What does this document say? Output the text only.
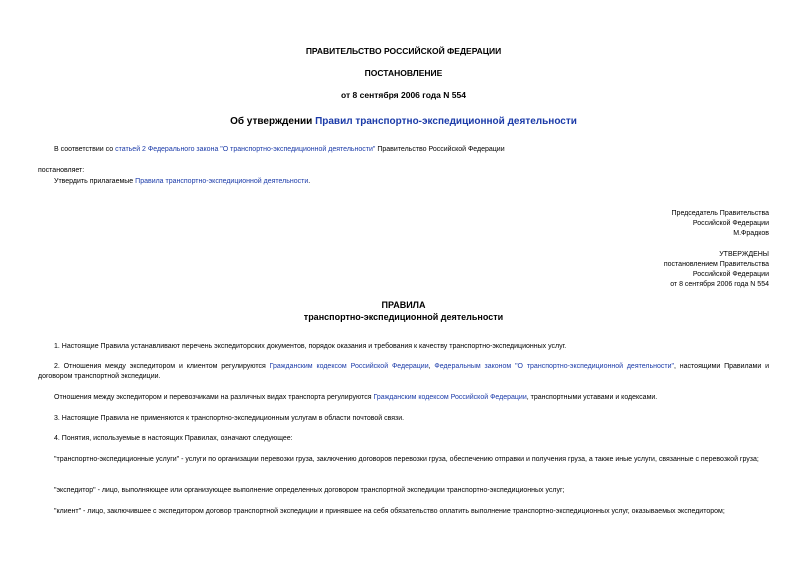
ПРАВИТЕЛЬСТВО РОССИЙСКОЙ ФЕДЕРАЦИИ
ПОСТАНОВЛЕНИЕ
от 8 сентября 2006 года N 554
Об утверждении Правил транспортно-экспедиционной деятельности
В соответствии со статьей 2 Федерального закона "О транспортно-экспедиционной деятельности" Правительство Российской Федерации
постановляет:
Утвердить прилагаемые Правила транспортно-экспедиционной деятельности.
Председатель Правительства
Российской Федерации
М.Фрадков
УТВЕРЖДЕНЫ
постановлением Правительства
Российской Федерации
от 8 сентября 2006 года N 554
ПРАВИЛА
транспортно-экспедиционной деятельности
1. Настоящие Правила устанавливают перечень экспедиторских документов, порядок оказания и требования к качеству транспортно-экспедиционных услуг.
2. Отношения между экспедитором и клиентом регулируются Гражданским кодексом Российской Федерации, Федеральным законом "О транспортно-экспедиционной деятельности", настоящими Правилами и договором транспортной экспедиции.
Отношения между экспедитором и перевозчиками на различных видах транспорта регулируются Гражданским кодексом Российской Федерации, транспортными уставами и кодексами.
3. Настоящие Правила не применяются к транспортно-экспедиционным услугам в области почтовой связи.
4. Понятия, используемые в настоящих Правилах, означают следующее:
"транспортно-экспедиционные услуги" - услуги по организации перевозки груза, заключению договоров перевозки груза, обеспечению отправки и получения груза, а также иные услуги, связанные с перевозкой груза;
"экспедитор" - лицо, выполняющее или организующее выполнение определенных договором транспортной экспедиции транспортно-экспедиционных услуг;
"клиент" - лицо, заключившее с экспедитором договор транспортной экспедиции и принявшее на себя обязательство оплатить выполнение транспортно-экспедиционных услуг, оказываемых экспедитором;
